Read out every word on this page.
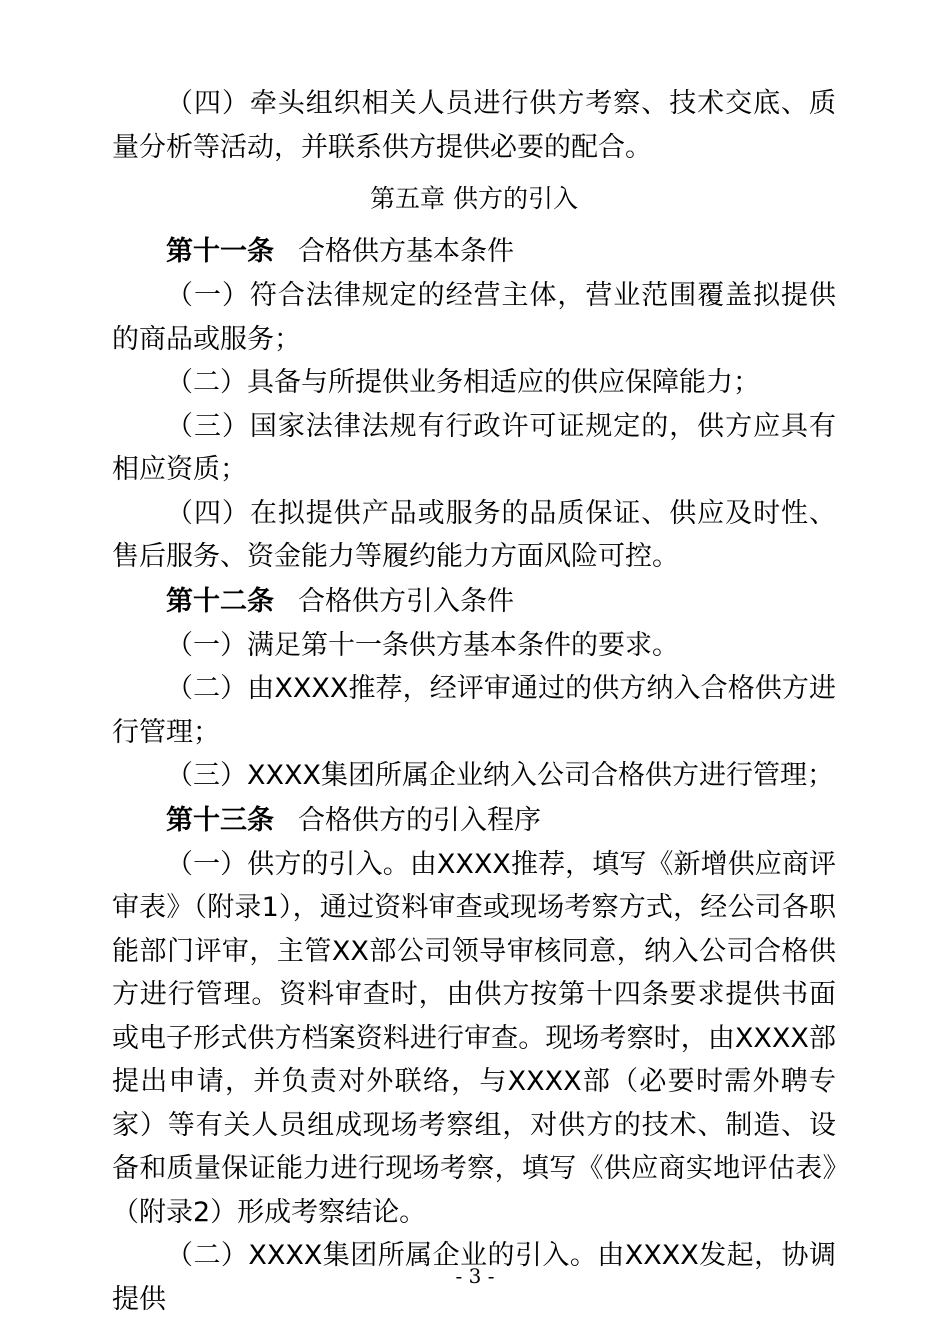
（四）牵头组织相关人员进行供方考察、技术交底、质量分析等活动，并联系供方提供必要的配合。

第五章 供方的引入

第十一条 合格供方基本条件

（一）符合法律规定的经营主体，营业范围覆盖拟提供的商品或服务；

（二）具备与所提供业务相适应的供应保障能力；

（三）国家法律法规有行政许可证规定的，供方应具有相应资质；

（四）在拟提供产品或服务的品质保证、供应及时性、售后服务、资金能力等履约能力方面风险可控。

第十二条 合格供方引入条件

（一）满足第十一条供方基本条件的要求。

（二）由XXXX推荐，经评审通过的供方纳入合格供方进行管理；

（三）XXXX集团所属企业纳入公司合格供方进行管理；

第十三条 合格供方的引入程序

（一）供方的引入。由XXXX推荐，填写《新增供应商评审表》（附录1），通过资料审查或现场考察方式，经公司各职能部门评审，主管XX部公司领导审核同意，纳入公司合格供方进行管理。资料审查时，由供方按第十四条要求提供书面或电子形式供方档案资料进行审查。现场考察时，由XXXX部提出申请，并负责对外联络，与XXXX部（必要时需外聘专家）等有关人员组成现场考察组，对供方的技术、制造、设备和质量保证能力进行现场考察，填写《供应商实地评估表》（附录2）形成考察结论。

（二）XXXX集团所属企业的引入。由XXXX发起，协调提供

- 3 -
